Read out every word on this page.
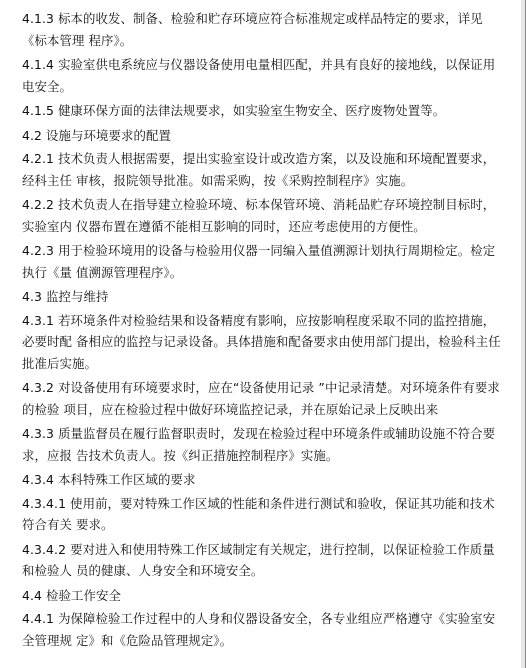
4.1.3 标本的收发、制备、检验和贮存环境应符合标准规定或样品特定的要求，详见《标本管理 程序》。

4.1.4 实验室供电系统应与仪器设备使用电量相匹配，并具有良好的接地线，以保证用电安全。

4.1.5 健康环保方面的法律法规要求，如实验室生物安全、医疗废物处置等。

4.2 设施与环境要求的配置

4.2.1 技术负责人根据需要，提出实验室设计或改造方案，以及设施和环境配置要求，经科主任 审核，报院领导批准。如需采购，按《采购控制程序》实施。

4.2.2 技术负责人在指导建立检验环境、标本保管环境、消耗品贮存环境控制目标时，实验室内 仪器布置在遵循不能相互影响的同时，还应考虑使用的方便性。

4.2.3 用于检验环境用的设备与检验用仪器一同编入量值溯源计划执行周期检定。检定执行《量 值溯源管理程序》。

4.3 监控与维持

4.3.1 若环境条件对检验结果和设备精度有影响，应按影响程度采取不同的监控措施，必要时配 备相应的监控与记录设备。具体措施和配备要求由使用部门提出，检验科主任批准后实施。

4.3.2 对设备使用有环境要求时，应在“设备使用记录 ”中记录清楚。对环境条件有要求的检验 项目，应在检验过程中做好环境监控记录，并在原始记录上反映出来

4.3.3 质量监督员在履行监督职责时，发现在检验过程中环境条件或辅助设施不符合要求，应报 告技术负责人。按《纠正措施控制程序》实施。

4.3.4 本科特殊工作区域的要求

4.3.4.1 使用前，要对特殊工作区域的性能和条件进行测试和验收，保证其功能和技术符合有关 要求。

4.3.4.2 要对进入和使用特殊工作区域制定有关规定，进行控制，以保证检验工作质量和检验人 员的健康、人身安全和环境安全。

4.4 检验工作安全

4.4.1 为保障检验工作过程中的人身和仪器设备安全，各专业组应严格遵守《实验室安全管理规 定》和《危险品管理规定》。
